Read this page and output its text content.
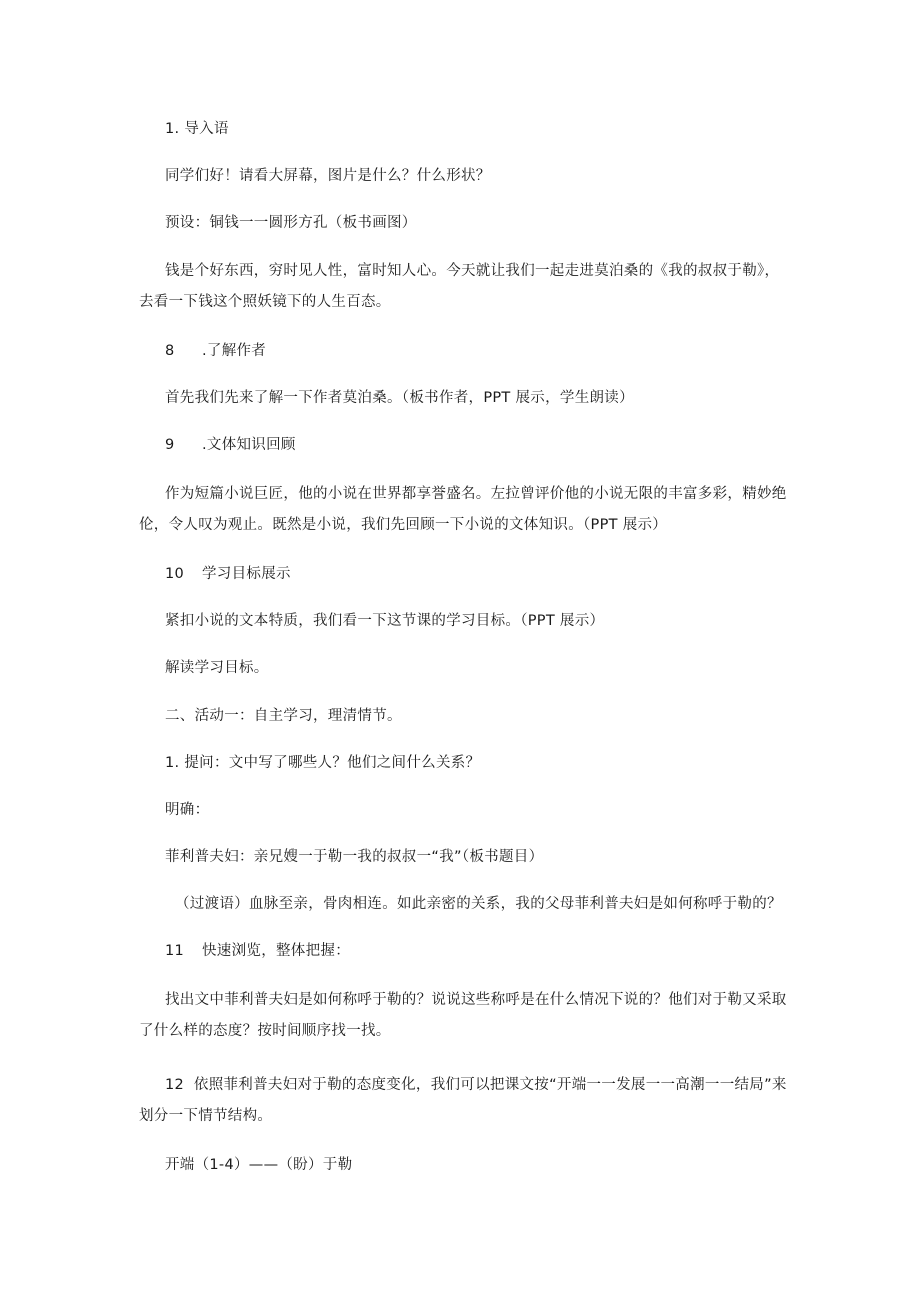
1. 导入语
同学们好！请看大屏幕，图片是什么？什么形状？
预设：铜钱一一圆形方孔（板书画图）
钱是个好东西，穷时见人性，富时知人心。今天就让我们一起走进莫泊桑的《我的叔叔于勒》，去看一下钱这个照妖镜下的人生百态。
8 .了解作者
首先我们先来了解一下作者莫泊桑。（板书作者，PPT 展示，学生朗读）
9 .文体知识回顾
作为短篇小说巨匠，他的小说在世界都享誉盛名。左拉曾评价他的小说无限的丰富多彩，精妙绝伦，令人叹为观止。既然是小说，我们先回顾一下小说的文体知识。（PPT 展示）
10 学习目标展示
紧扣小说的文本特质，我们看一下这节课的学习目标。（PPT 展示）
解读学习目标。
二、活动一：自主学习，理清情节。
1. 提问：文中写了哪些人？他们之间什么关系？
明确：
菲利普夫妇：亲兄嫂一于勒一我的叔叔一“我”（板书题目）
（过渡语）血脉至亲，骨肉相连。如此亲密的关系，我的父母菲利普夫妇是如何称呼于勒的？
11 快速浏览，整体把握：
找出文中菲利普夫妇是如何称呼于勒的？说说这些称呼是在什么情况下说的？他们对于勒又采取了什么样的态度？按时间顺序找一找。
12 依照菲利普夫妇对于勒的态度变化，我们可以把课文按“开端一一发展一一高潮一一结局”来划分一下情节结构。
开端（1-4）——（盼）于勒
